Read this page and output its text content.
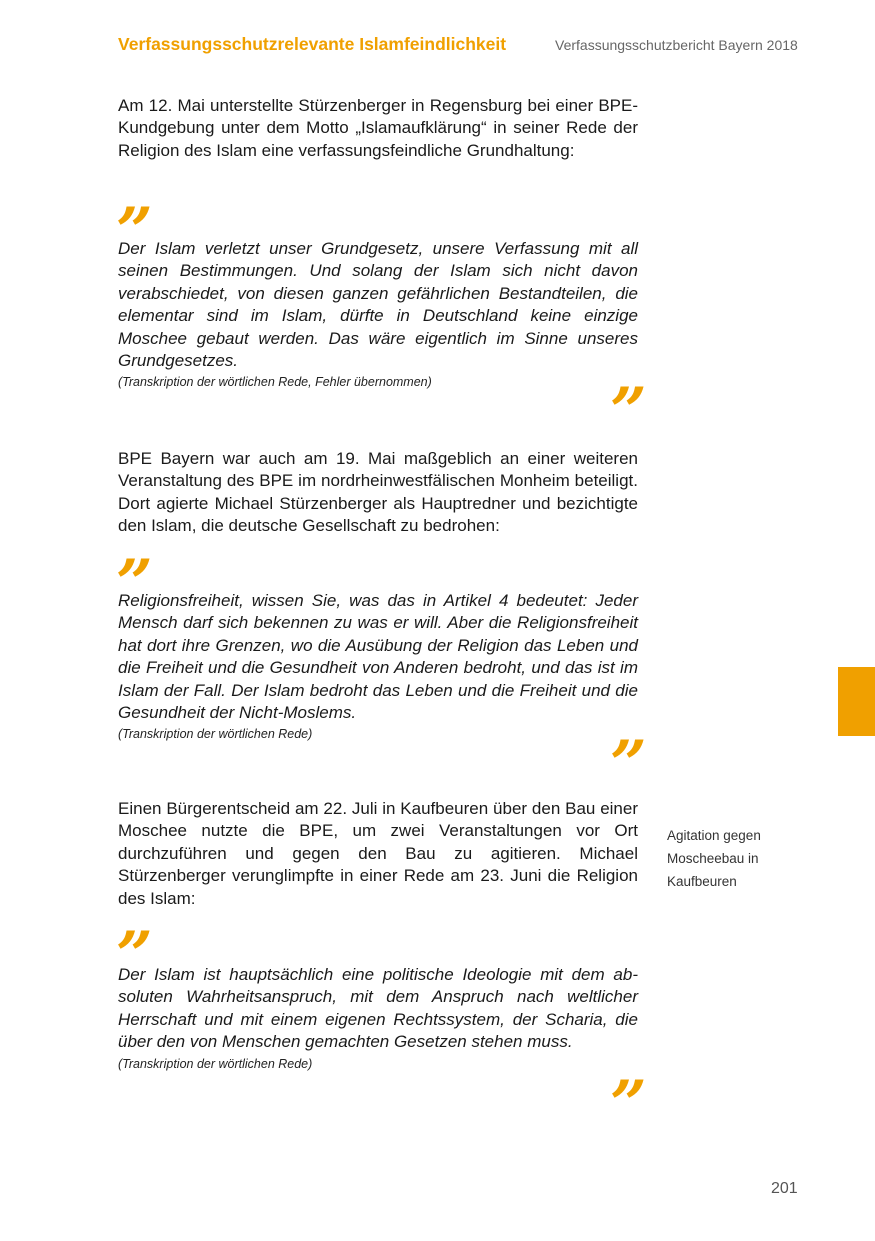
Verfassungsschutzrelevante Islamfeindlichkeit	Verfassungsschutzbericht Bayern 2018

Am 12. Mai unterstellte Stürzenberger in Regensburg bei einer BPE-Kundgebung unter dem Motto „Islamaufklärung“ in seiner Rede der Religion des Islam eine verfassungsfeindliche Grundhaltung:

”

Der Islam verletzt unser Grundgesetz, unsere Verfassung mit all seinen Bestimmungen. Und solang der Islam sich nicht davon verabschiedet, von diesen ganzen gefährlichen Bestandteilen, die elementar sind im Islam, dürfte in Deutschland keine einzige Moschee gebaut werden. Das wäre eigentlich im Sinne unseres Grundgesetzes.

(Transkription der wörtlichen Rede, Fehler übernommen)	”

BPE Bayern war auch am 19. Mai maßgeblich an einer weiteren Veranstaltung des BPE im nordrheinwestfälischen Monheim beteiligt. Dort agierte Michael Stürzenberger als Hauptredner und bezichtigte den Islam, die deutsche Gesellschaft zu bedrohen:

”

Religionsfreiheit, wissen Sie, was das in Artikel 4 bedeutet: Jeder Mensch darf sich bekennen zu was er will. Aber die Religionsfreiheit hat dort ihre Grenzen, wo die Ausübung der Religion das Leben und die Freiheit und die Gesundheit von Anderen bedroht, und das ist im Islam der Fall. Der Islam bedroht das Leben und die Freiheit und die Gesundheit der Nicht-Moslems.

(Transkription der wörtlichen Rede)	”

Einen Bürgerentscheid am 22. Juli in Kaufbeuren über den Bau einer Moschee nutzte die BPE, um zwei Veranstaltungen vor Ort durchzuführen und gegen den Bau zu agitieren. Michael Stürzenberger verunglimpfte in einer Rede am 23. Juni die Religion des Islam:

”

Der Islam ist hauptsächlich eine politische Ideologie mit dem absoluten Wahrheitsanspruch, mit dem Anspruch nach weltlicher Herrschaft und mit einem eigenen Rechtssystem, der Scharia, die über den von Menschen gemachten Gesetzen stehen muss.

(Transkription der wörtlichen Rede)

”
Agitation gegen Moscheebau in Kaufbeuren
201
